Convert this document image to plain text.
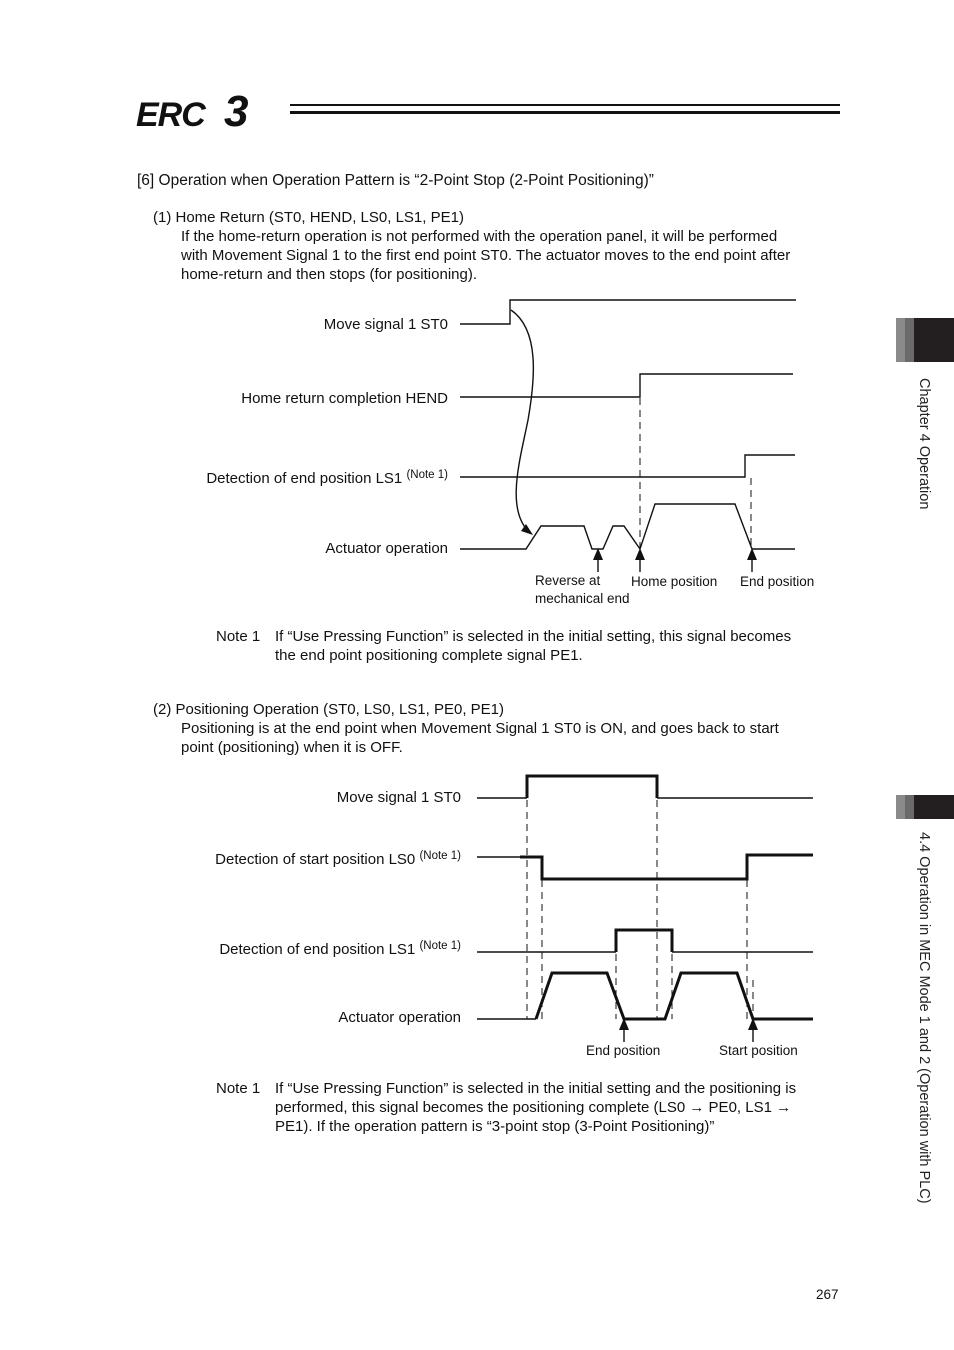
ERC 3
[6] Operation when Operation Pattern is “2-Point Stop (2-Point Positioning)”
(1) Home Return (ST0, HEND, LS0, LS1, PE1)
If the home-return operation is not performed with the operation panel, it will be performed
with Movement Signal 1 to the first end point ST0. The actuator moves to the end point after
home-return and then stops (for positioning).
Move signal 1 ST0
Home return completion HEND
Detection of end position LS1 $^{(Note 1)}$
Actuator operation
Reverse at
mechanical end
Home position End position
Note 1 If “Use Pressing Function” is selected in the initial setting, this signal becomes
the end point positioning complete signal PE1.
(2) Positioning Operation (ST0, LS0, LS1, PE0, PE1)
Positioning is at the end point when Movement Signal 1 ST0 is ON, and goes back to start
point (positioning) when it is OFF.
Move signal 1 ST0
Detection of start position LS0 $^{(Note 1)}$
Detection of end position LS1 $^{(Note 1)}$
Actuator operation
End position	Start position
Note 1 If “Use Pressing Function” is selected in the initial setting and the positioning is
performed, this signal becomes the positioning complete (LS0 → PE0, LS1 →
PE1). If the operation pattern is “3-point stop (3-Point Positioning)”
Chapter 4 Operation
4.4 Operation in MEC Mode 1 and 2 (Operation with PLC)
267
